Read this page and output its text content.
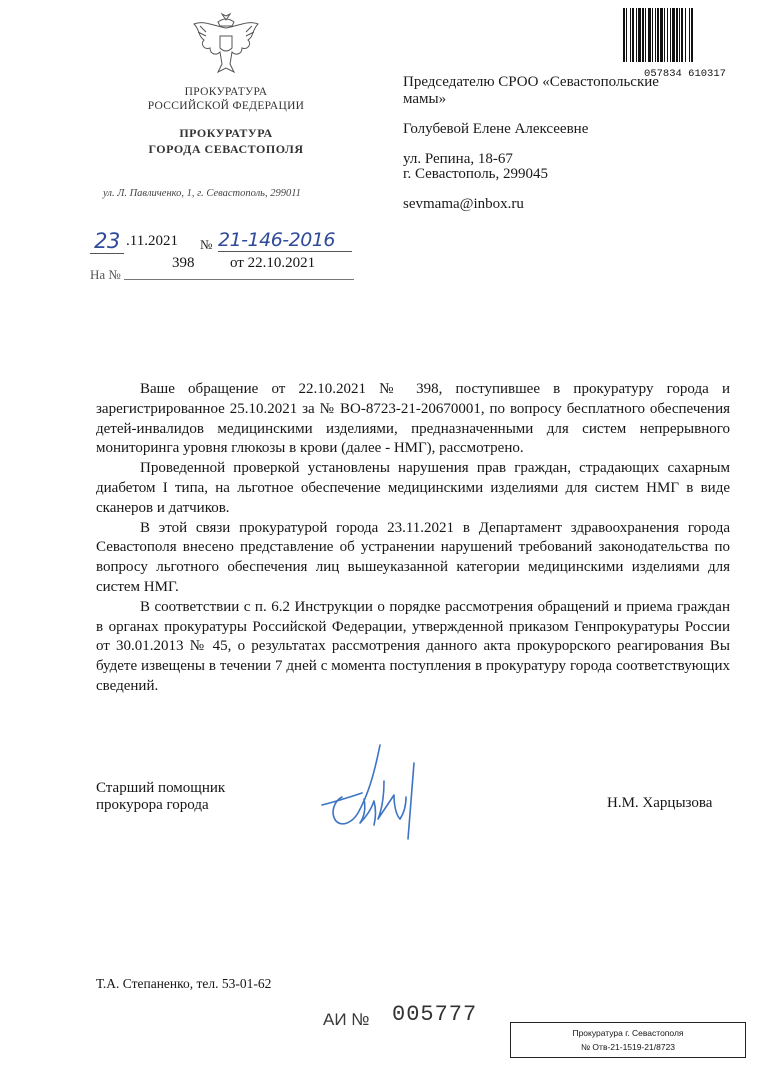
ПРОКУРАТУРА
РОССИЙСКОЙ ФЕДЕРАЦИИ
ПРОКУРАТУРА
ГОРОДА СЕВАСТОПОЛЯ
ул. Л. Павличенко, 1, г. Севастополь, 299011
23 .11.2021 № 21-146-2016
На №
398 от 22.10.2021
057834 610317
Председателю СРОО «Севастопольские
мамы»
Голубевой Елене Алексеевне
ул. Репина, 18-67
г. Севастополь, 299045
sevmama@inbox.ru

Ваше обращение от 22.10.2021 № 398, поступившее в прокуратуру города и зарегистрированное 25.10.2021 за № ВО-8723-21-20670001, по вопросу бесплатного обеспечения детей-инвалидов медицинскими изделиями, предназначенными для систем непрерывного мониторинга уровня глюкозы в крови (далее - НМГ), рассмотрено.

Проведенной проверкой установлены нарушения прав граждан, страдающих сахарным диабетом I типа, на льготное обеспечение медицинскими изделиями для систем НМГ в виде сканеров и датчиков.

В этой связи прокуратурой города 23.11.2021 в Департамент здравоохранения города Севастополя внесено представление об устранении нарушений требований законодательства по вопросу льготного обеспечения лиц вышеуказанной категории медицинскими изделиями для систем НМГ.

В соответствии с п. 6.2 Инструкции о порядке рассмотрения обращений и приема граждан в органах прокуратуры Российской Федерации, утвержденной приказом Генпрокуратуры России от 30.01.2013 № 45, о результатах рассмотрения данного акта прокурорского реагирования Вы будете извещены в течении 7 дней с момента поступления в прокуратуру города соответствующих сведений.

Старший помощник
прокурора города	Н.М. Харцызова
Т.А. Степаненко, тел. 53-01-62
АИ № 005777
Прокуратура г. Севастополя
№ Отв-21-1519-21/8723
